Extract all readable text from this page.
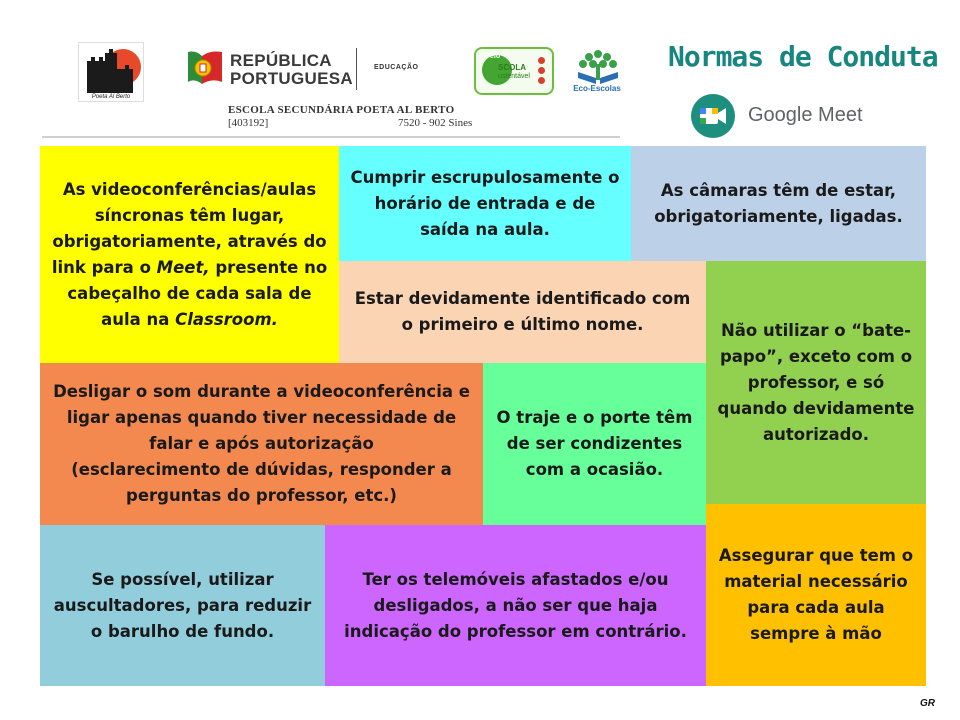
Poeta Al Berto
REPÚBLICA
PORTUGUESA
EDUCAÇÃO
ESCOLA SECUNDÁRIA POETA AL BERTO
[403192]	7520 - 902 Sines
elo
SCOLA
ustentável
Eco-Escolas
Normas de Conduta
Google Meet
As videoconferências/aulas síncronas têm lugar, obrigatoriamente, através do link para o Meet, presente no cabeçalho de cada sala de aula na Classroom.
Cumprir escrupulosamente o horário de entrada e de saída na aula.
As câmaras têm de estar, obrigatoriamente, ligadas.
Estar devidamente identificado com o primeiro e último nome.	Não utilizar o “bate-papo”, exceto com o professor, e só quando devidamente autorizado.
Desligar o som durante a videoconferência e ligar apenas quando tiver necessidade de falar e após autorização
(esclarecimento de dúvidas, responder a perguntas do professor, etc.)
O traje e o porte têm de ser condizentes com a ocasião.
Assegurar que tem o material necessário para cada aula sempre à mão
Se possível, utilizar auscultadores, para reduzir o barulho de fundo.
Ter os telemóveis afastados e/ou desligados, a não ser que haja indicação do professor em contrário.
GR
